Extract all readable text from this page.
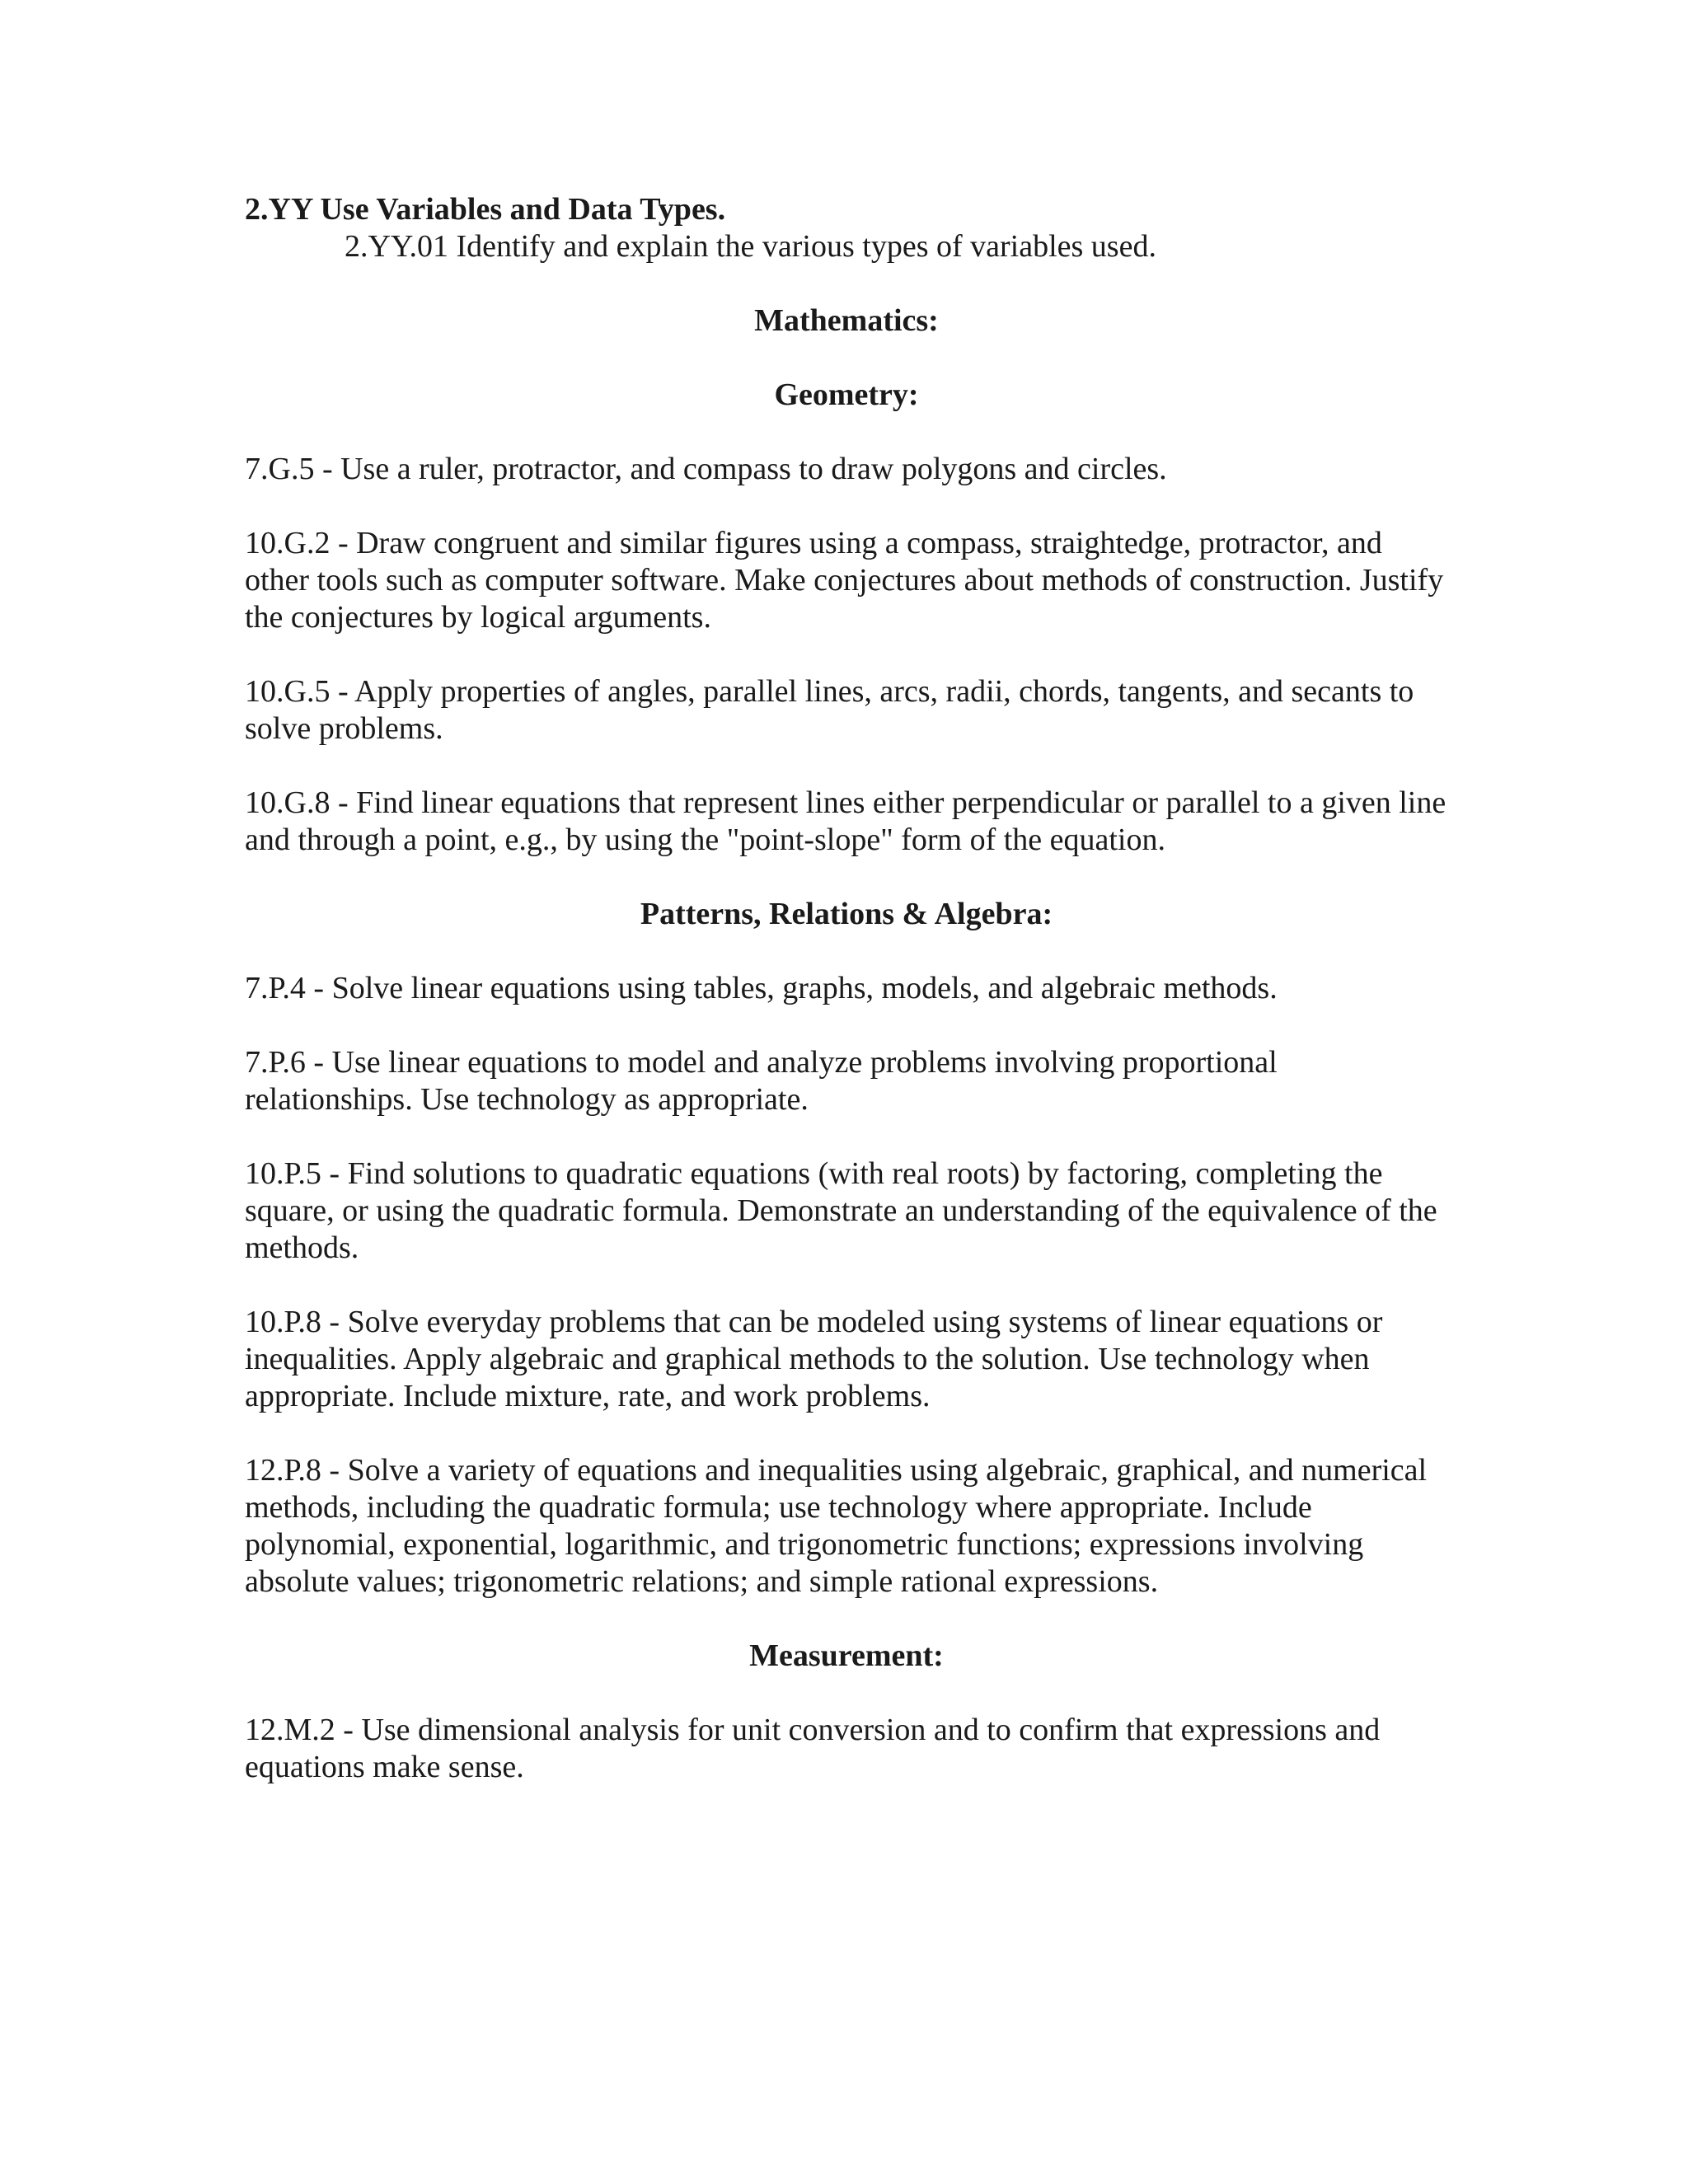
2.YY Use Variables and Data Types.

2.YY.01 Identify and explain the various types of variables used.

Mathematics:

Geometry:

7.G.5 - Use a ruler, protractor, and compass to draw polygons and circles.

10.G.2 - Draw congruent and similar figures using a compass, straightedge, protractor, and other tools such as computer software. Make conjectures about methods of construction. Justify the conjectures by logical arguments.

10.G.5 - Apply properties of angles, parallel lines, arcs, radii, chords, tangents, and secants to solve problems.

10.G.8 - Find linear equations that represent lines either perpendicular or parallel to a given line and through a point, e.g., by using the "point-slope" form of the equation.

Patterns, Relations & Algebra:

7.P.4 - Solve linear equations using tables, graphs, models, and algebraic methods.

7.P.6 - Use linear equations to model and analyze problems involving proportional relationships. Use technology as appropriate.

10.P.5 - Find solutions to quadratic equations (with real roots) by factoring, completing the square, or using the quadratic formula. Demonstrate an understanding of the equivalence of the methods.

10.P.8 - Solve everyday problems that can be modeled using systems of linear equations or inequalities. Apply algebraic and graphical methods to the solution. Use technology when appropriate. Include mixture, rate, and work problems.

12.P.8 - Solve a variety of equations and inequalities using algebraic, graphical, and numerical methods, including the quadratic formula; use technology where appropriate. Include polynomial, exponential, logarithmic, and trigonometric functions; expressions involving absolute values; trigonometric relations; and simple rational expressions.

Measurement:

12.M.2 - Use dimensional analysis for unit conversion and to confirm that expressions and equations make sense.
